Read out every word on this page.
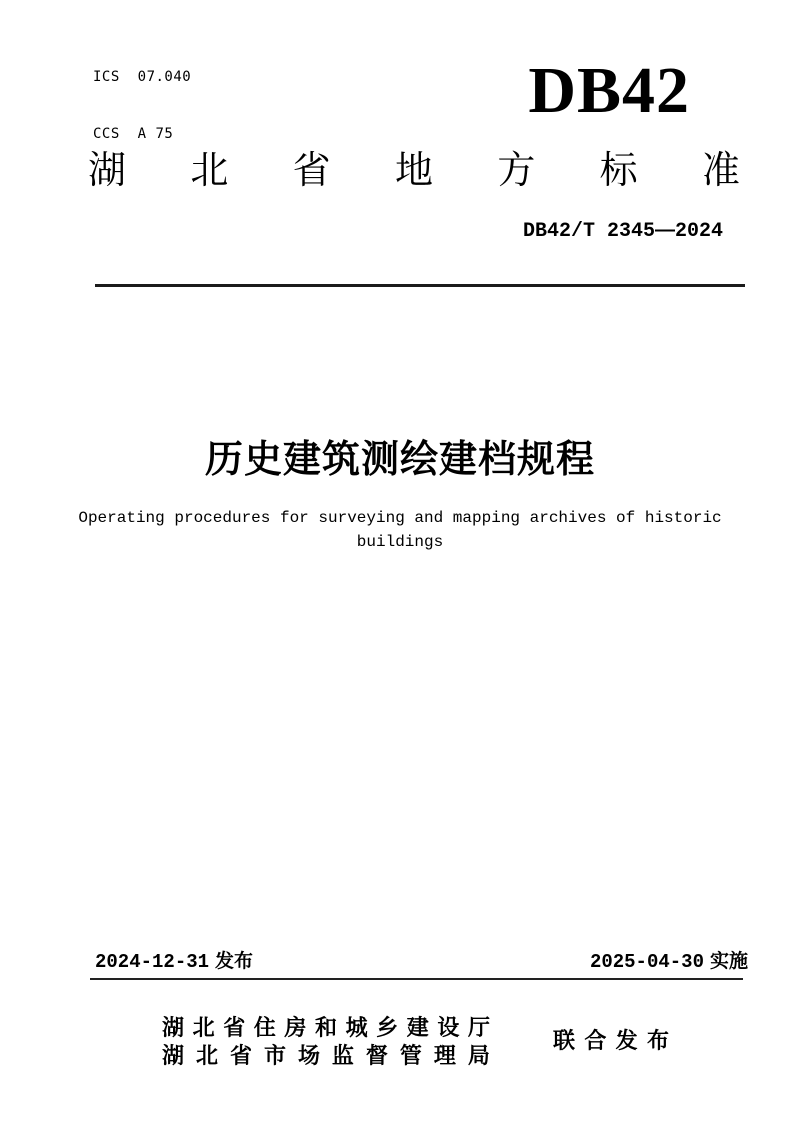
ICS  07.040

CCS  A 75

DB42
湖 北 省 地 方 标 准
DB42/T 2345—2024
历史建筑测绘建档规程
Operating procedures for surveying and mapping archives of historic buildings
2024-12-31 发布	2025-04-30 实施
湖 北 省 住 房 和 城 乡 建 设 厅
湖 北 省 市 场 监 督 管 理 局
联 合 发 布
